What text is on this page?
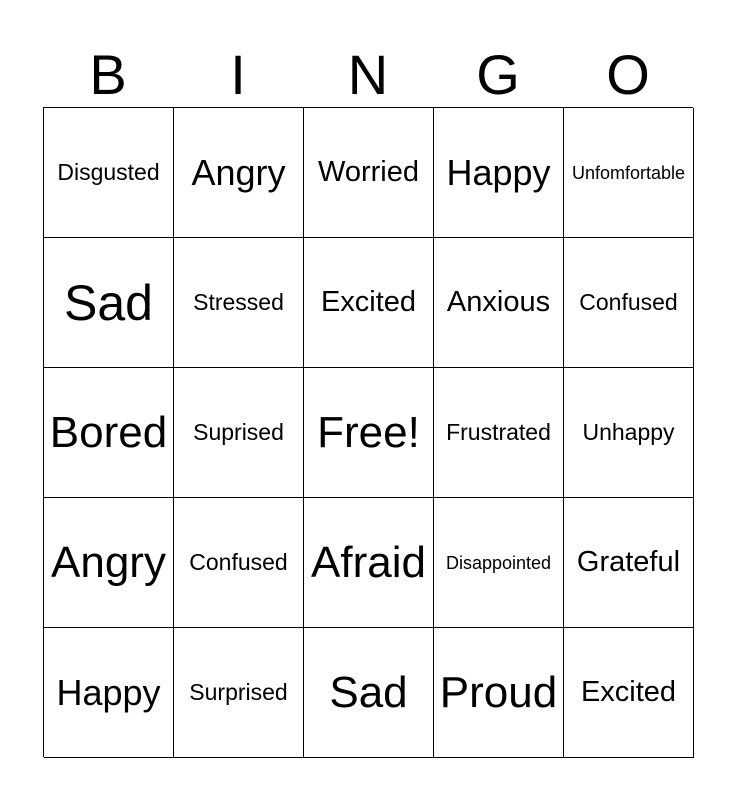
B	I	N	G	O
Disgusted Angry Worried Happy Unfomfortable
Sad Stressed Excited Anxious Confused
Bored Suprised Free! Frustrated Unhappy
Angry Confused Afraid Disappointed Grateful
Happy Surprised Sad Proud Excited
